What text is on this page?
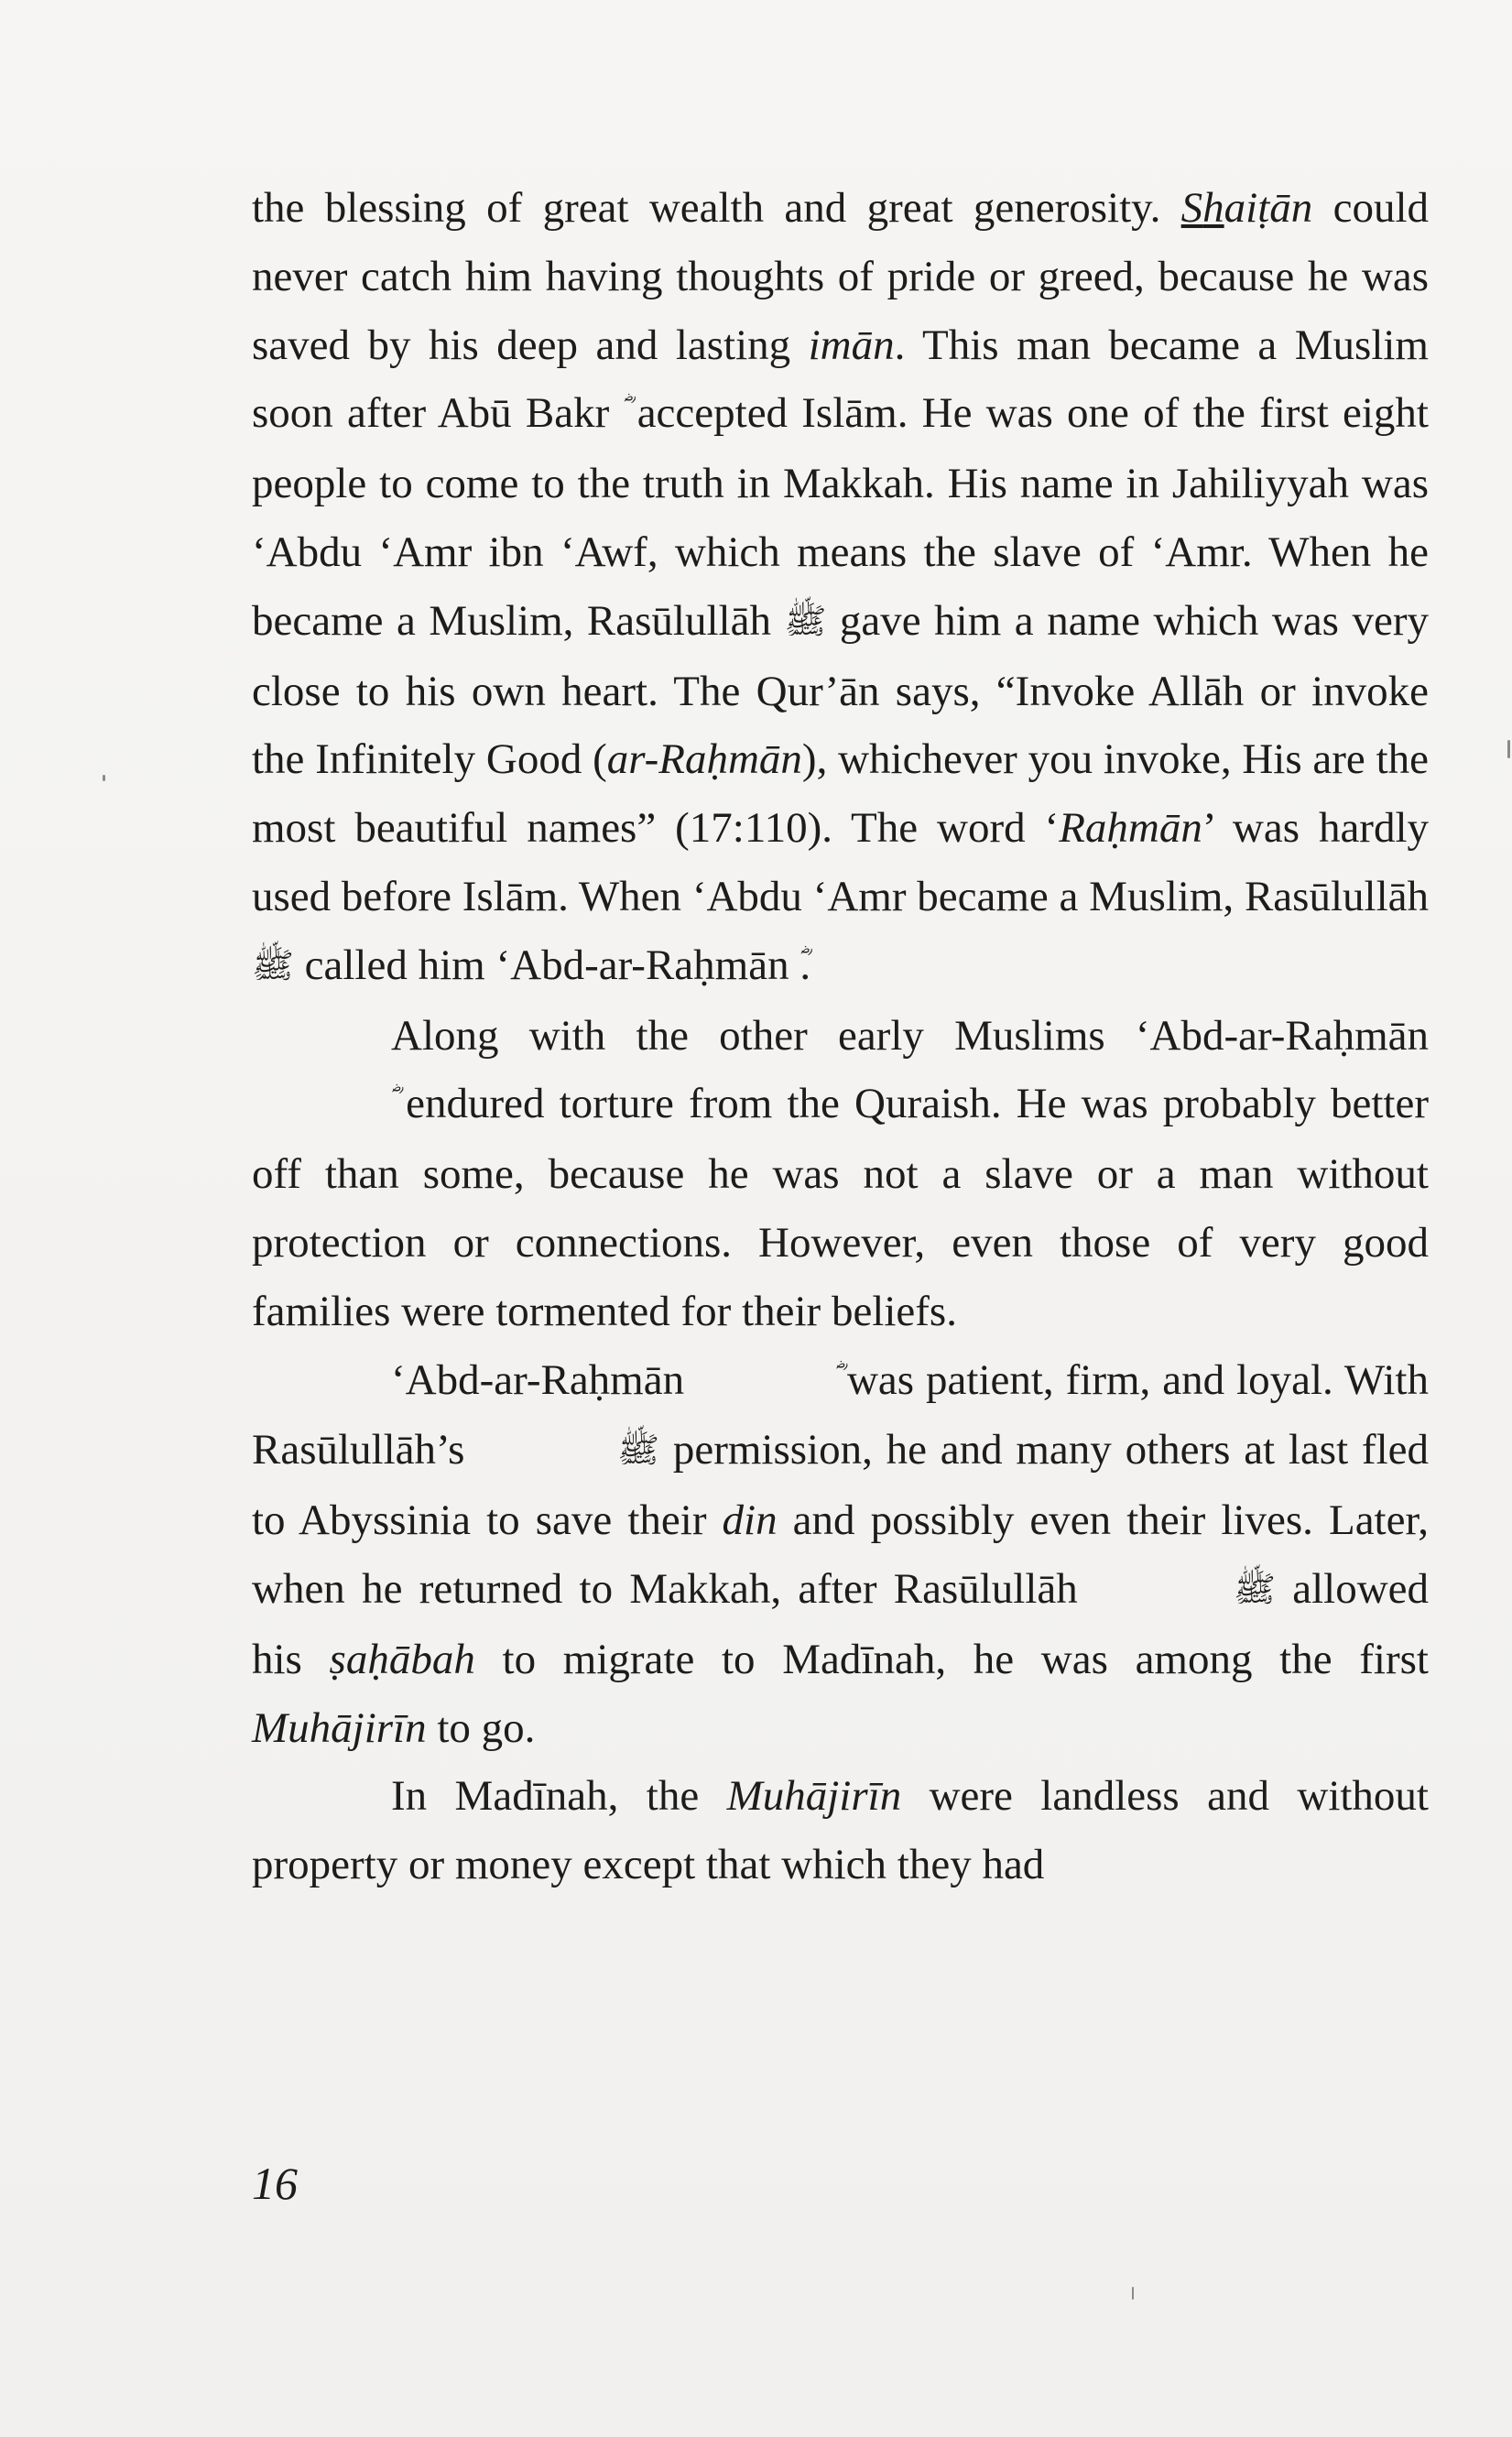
the blessing of great wealth and great generosity. Shaiṭān could never catch him having thoughts of pride or greed, because he was saved by his deep and lasting imān. This man became a Muslim soon after Abū Bakr  accepted Islām. He was one of the first eight people to come to the truth in Makkah. His name in Jahiliyyah was ‘Abdu ‘Amr ibn ‘Awf, which means the slave of ‘Amr. When he became a Muslim, Rasūlullāh ﷺ gave him a name which was very close to his own heart. The Qur’ān says, “Invoke Allāh or invoke the Infinitely Good (ar-Raḥmān), whichever you invoke, His are the most beautiful names” (17:110). The word ‘Raḥmān’ was hardly used before Islām. When ‘Abdu ‘Amr became a Muslim, Rasūlullāh ﷺ called him ‘Abd-ar-Raḥmān .

Along with the other early Muslims ‘Abd-ar-Raḥmān  endured torture from the Quraish. He was probably better off than some, because he was not a slave or a man without protection or connections. However, even those of very good families were tormented for their beliefs.

‘Abd-ar-Raḥmān	was patient, firm, and loyal. With Rasūlullāh’s	ﷺ permission, he and many others at last fled to Abyssinia to save their din and possibly even their lives. Later, when he returned to Makkah, after Rasūlullāh	ﷺ allowed his ṣaḥābah to migrate to Madīnah, he was among the first Muhājirīn to go.

In Madīnah, the Muhājirīn were landless and without property or money except that which they had

16
